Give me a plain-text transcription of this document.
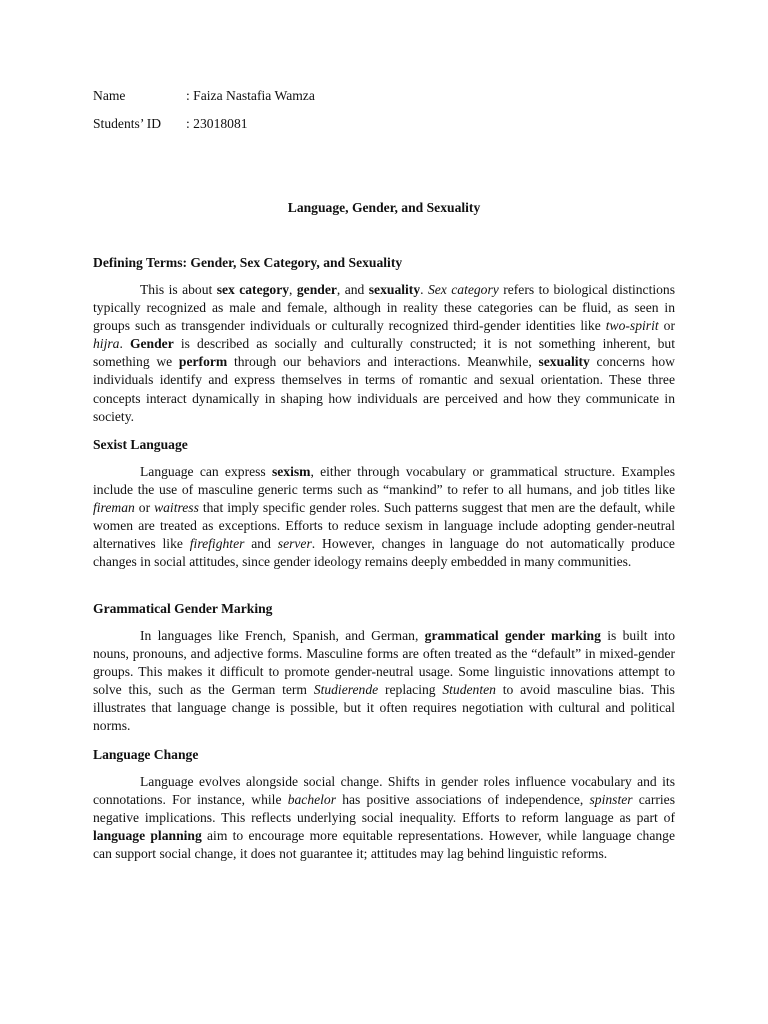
Name	: Faiza Nastafia Wamza
Students’ ID : 23018081
Language, Gender, and Sexuality
Defining Terms: Gender, Sex Category, and Sexuality

This is about sex category, gender, and sexuality. Sex category refers to biological distinctions typically recognized as male and female, although in reality these categories can be fluid, as seen in groups such as transgender individuals or culturally recognized third-gender identities like two-spirit or hijra. Gender is described as socially and culturally constructed; it is not something inherent, but something we perform through our behaviors and interactions. Meanwhile, sexuality concerns how individuals identify and express themselves in terms of romantic and sexual orientation. These three concepts interact dynamically in shaping how individuals are perceived and how they communicate in society.

Sexist Language

Language can express sexism, either through vocabulary or grammatical structure. Examples include the use of masculine generic terms such as “mankind” to refer to all humans, and job titles like fireman or waitress that imply specific gender roles. Such patterns suggest that men are the default, while women are treated as exceptions. Efforts to reduce sexism in language include adopting gender-neutral alternatives like firefighter and server. However, changes in language do not automatically produce changes in social attitudes, since gender ideology remains deeply embedded in many communities.

Grammatical Gender Marking

In languages like French, Spanish, and German, grammatical gender marking is built into nouns, pronouns, and adjective forms. Masculine forms are often treated as the “default” in mixed-gender groups. This makes it difficult to promote gender-neutral usage. Some linguistic innovations attempt to solve this, such as the German term Studierende replacing Studenten to avoid masculine bias. This illustrates that language change is possible, but it often requires negotiation with cultural and political norms.

Language Change

Language evolves alongside social change. Shifts in gender roles influence vocabulary and its connotations. For instance, while bachelor has positive associations of independence, spinster carries negative implications. This reflects underlying social inequality. Efforts to reform language as part of language planning aim to encourage more equitable representations. However, while language change can support social change, it does not guarantee it; attitudes may lag behind linguistic reforms.
